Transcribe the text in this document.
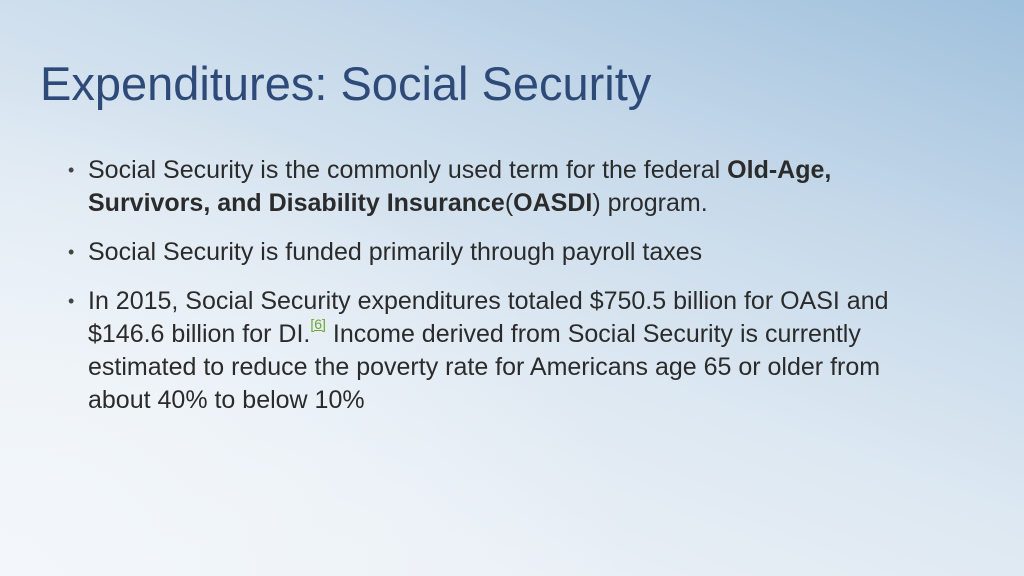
Expenditures: Social Security
• Social Security is the commonly used term for the federal Old-Age, Survivors, and Disability Insurance(OASDI) program.
• Social Security is funded primarily through payroll taxes
• In 2015, Social Security expenditures totaled $750.5 billion for OASI and $146.6 billion for DI.[6] Income derived from Social Security is currently estimated to reduce the poverty rate for Americans age 65 or older from about 40% to below 10%
